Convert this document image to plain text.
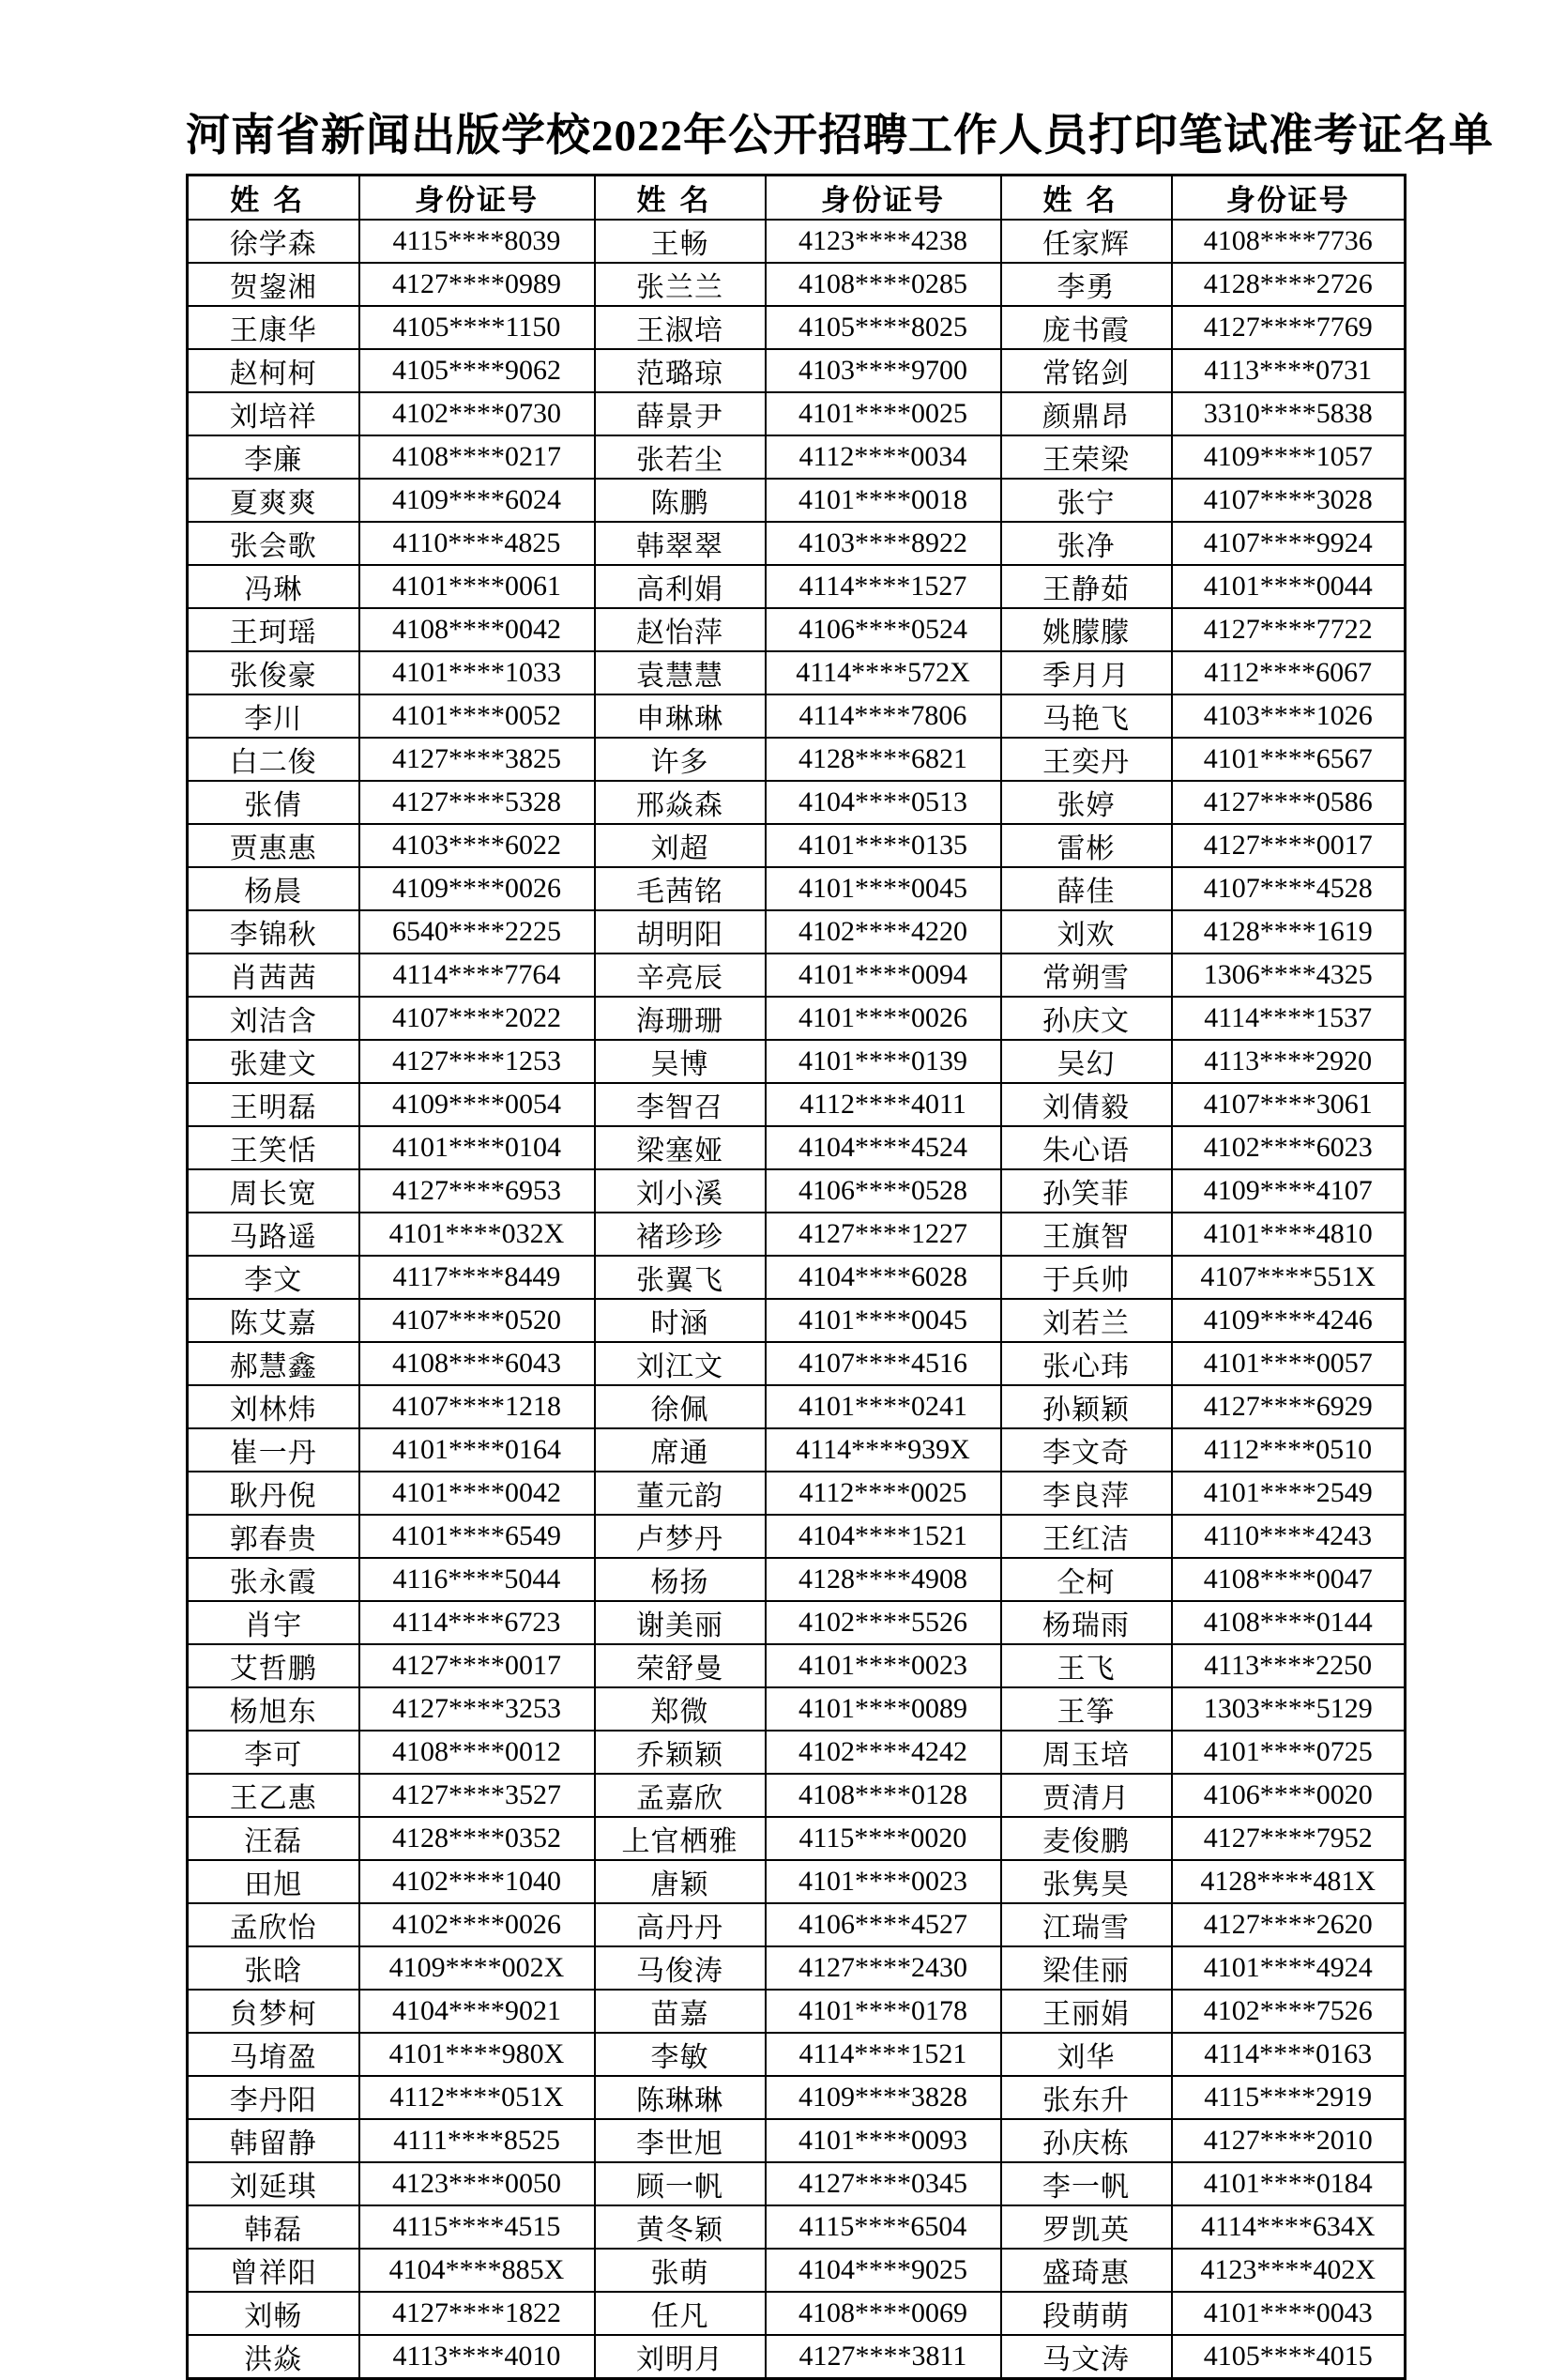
河南省新闻出版学校2022年公开招聘工作人员打印笔试准考证名单
姓名	身份证号	姓名	身份证号	姓名	身份证号
徐学森	4115****8039	王畅	4123****4238	任家辉	4108****7736
贺鋆湘	4127****0989	张兰兰	4108****0285	李勇	4128****2726
王康华	4105****1150	王淑培	4105****8025	庞书霞	4127****7769
赵柯柯	4105****9062	范璐琼	4103****9700	常铭剑	4113****0731
刘培祥	4102****0730	薛景尹	4101****0025	颜鼎昂	3310****5838
李廉	4108****0217	张若尘	4112****0034	王荣梁	4109****1057
夏爽爽	4109****6024	陈鹏	4101****0018	张宁	4107****3028
张会歌	4110****4825	韩翠翠	4103****8922	张净	4107****9924
冯琳	4101****0061	高利娟	4114****1527	王静茹	4101****0044
王珂瑶	4108****0042	赵怡萍	4106****0524	姚朦朦	4127****7722
张俊豪	4101****1033	袁慧慧	4114****572X	季月月	4112****6067
李川	4101****0052	申琳琳	4114****7806	马艳飞	4103****1026
白二俊	4127****3825	许多	4128****6821	王奕丹	4101****6567
张倩	4127****5328	邢焱森	4104****0513	张婷	4127****0586
贾惠惠	4103****6022	刘超	4101****0135	雷彬	4127****0017
杨晨	4109****0026	毛茜铭	4101****0045	薛佳	4107****4528
李锦秋	6540****2225	胡明阳	4102****4220	刘欢	4128****1619
肖茜茜	4114****7764	辛亮辰	4101****0094	常朔雪	1306****4325
刘洁含	4107****2022	海珊珊	4101****0026	孙庆文	4114****1537
张建文	4127****1253	吴博	4101****0139	吴幻	4113****2920
王明磊	4109****0054	李智召	4112****4011	刘倩毅	4107****3061
王笑恬	4101****0104	梁塞娅	4104****4524	朱心语	4102****6023
周长宽	4127****6953	刘小溪	4106****0528	孙笑菲	4109****4107
马路遥	4101****032X	褚珍珍	4127****1227	王旗智	4101****4810
李文	4117****8449	张翼飞	4104****6028	于兵帅	4107****551X
陈艾嘉	4107****0520	时涵	4101****0045	刘若兰	4109****4246
郝慧鑫	4108****6043	刘江文	4107****4516	张心玮	4101****0057
刘林炜	4107****1218	徐佩	4101****0241	孙颖颖	4127****6929
崔一丹	4101****0164	席通	4114****939X	李文奇	4112****0510
耿丹倪	4101****0042	董元韵	4112****0025	李良萍	4101****2549
郭春贵	4101****6549	卢梦丹	4104****1521	王红洁	4110****4243
张永霞	4116****5044	杨扬	4128****4908	仝柯	4108****0047
肖宇	4114****6723	谢美丽	4102****5526	杨瑞雨	4108****0144
艾哲鹏	4127****0017	荣舒曼	4101****0023	王飞	4113****2250
杨旭东	4127****3253	郑微	4101****0089	王筝	1303****5129
李可	4108****0012	乔颖颖	4102****4242	周玉培	4101****0725
王乙惠	4127****3527	孟嘉欣	4108****0128	贾清月	4106****0020
汪磊	4128****0352	上官栖雅	4115****0020	麦俊鹏	4127****7952
田旭	4102****1040	唐颖	4101****0023	张隽昊	4128****481X
孟欣怡	4102****0026	高丹丹	4106****4527	江瑞雪	4127****2620
张晗	4109****002X	马俊涛	4127****2430	梁佳丽	4101****4924
贠梦柯	4104****9021	苗嘉	4101****0178	王丽娟	4102****7526
马堉盈	4101****980X	李敏	4114****1521	刘华	4114****0163
李丹阳	4112****051X	陈琳琳	4109****3828	张东升	4115****2919
韩留静	4111****8525	李世旭	4101****0093	孙庆栋	4127****2010
刘延琪	4123****0050	顾一帆	4127****0345	李一帆	4101****0184
韩磊	4115****4515	黄冬颖	4115****6504	罗凯英	4114****634X
曾祥阳	4104****885X	张萌	4104****9025	盛琦惠	4123****402X
刘畅	4127****1822	任凡	4108****0069	段萌萌	4101****0043
洪焱	4113****4010	刘明月	4127****3811	马文涛	4105****4015
